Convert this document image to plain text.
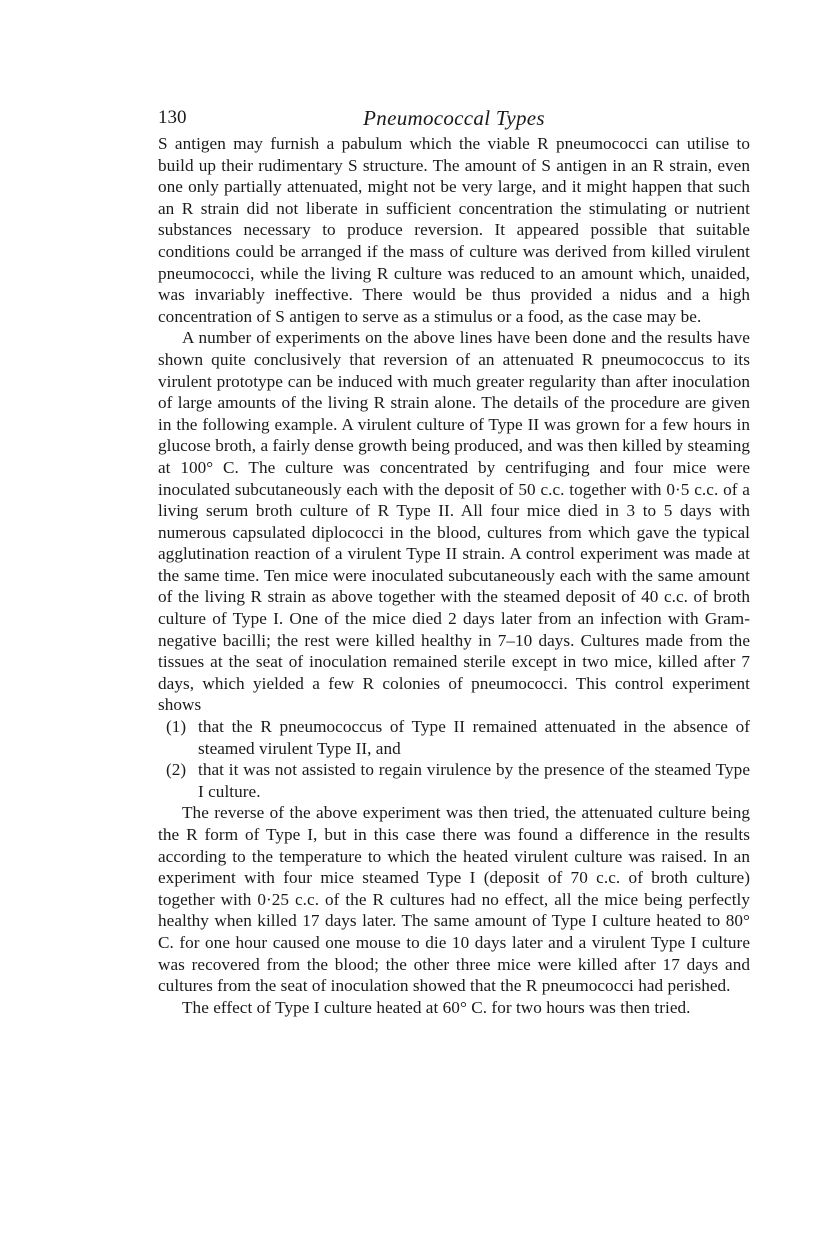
130	Pneumococcal Types

S antigen may furnish a pabulum which the viable R pneumococci can utilise to build up their rudimentary S structure. The amount of S antigen in an R strain, even one only partially attenuated, might not be very large, and it might happen that such an R strain did not liberate in sufficient concentration the stimulating or nutrient substances necessary to produce reversion. It appeared possible that suitable conditions could be arranged if the mass of culture was derived from killed virulent pneumococci, while the living R culture was reduced to an amount which, unaided, was invariably ineffective. There would be thus provided a nidus and a high concentration of S antigen to serve as a stimulus or a food, as the case may be.

A number of experiments on the above lines have been done and the results have shown quite conclusively that reversion of an attenuated R pneumococcus to its virulent prototype can be induced with much greater regularity than after inoculation of large amounts of the living R strain alone. The details of the procedure are given in the following example. A virulent culture of Type II was grown for a few hours in glucose broth, a fairly dense growth being produced, and was then killed by steaming at 100° C. The culture was concentrated by centrifuging and four mice were inoculated subcutaneously each with the deposit of 50 c.c. together with 0·5 c.c. of a living serum broth culture of R Type II. All four mice died in 3 to 5 days with numerous capsulated diplococci in the blood, cultures from which gave the typical agglutination reaction of a virulent Type II strain. A control experiment was made at the same time. Ten mice were inoculated subcutaneously each with the same amount of the living R strain as above together with the steamed deposit of 40 c.c. of broth culture of Type I. One of the mice died 2 days later from an infection with Gram-negative bacilli; the rest were killed healthy in 7–10 days. Cultures made from the tissues at the seat of inoculation remained sterile except in two mice, killed after 7 days, which yielded a few R colonies of pneumococci. This control experiment shows

(1) that the R pneumococcus of Type II remained attenuated in the absence of steamed virulent Type II, and
(2) that it was not assisted to regain virulence by the presence of the steamed Type I culture.

The reverse of the above experiment was then tried, the attenuated culture being the R form of Type I, but in this case there was found a difference in the results according to the temperature to which the heated virulent culture was raised. In an experiment with four mice steamed Type I (deposit of 70 c.c. of broth culture) together with 0·25 c.c. of the R cultures had no effect, all the mice being perfectly healthy when killed 17 days later. The same amount of Type I culture heated to 80° C. for one hour caused one mouse to die 10 days later and a virulent Type I culture was recovered from the blood; the other three mice were killed after 17 days and cultures from the seat of inoculation showed that the R pneumococci had perished.

The effect of Type I culture heated at 60° C. for two hours was then tried.
